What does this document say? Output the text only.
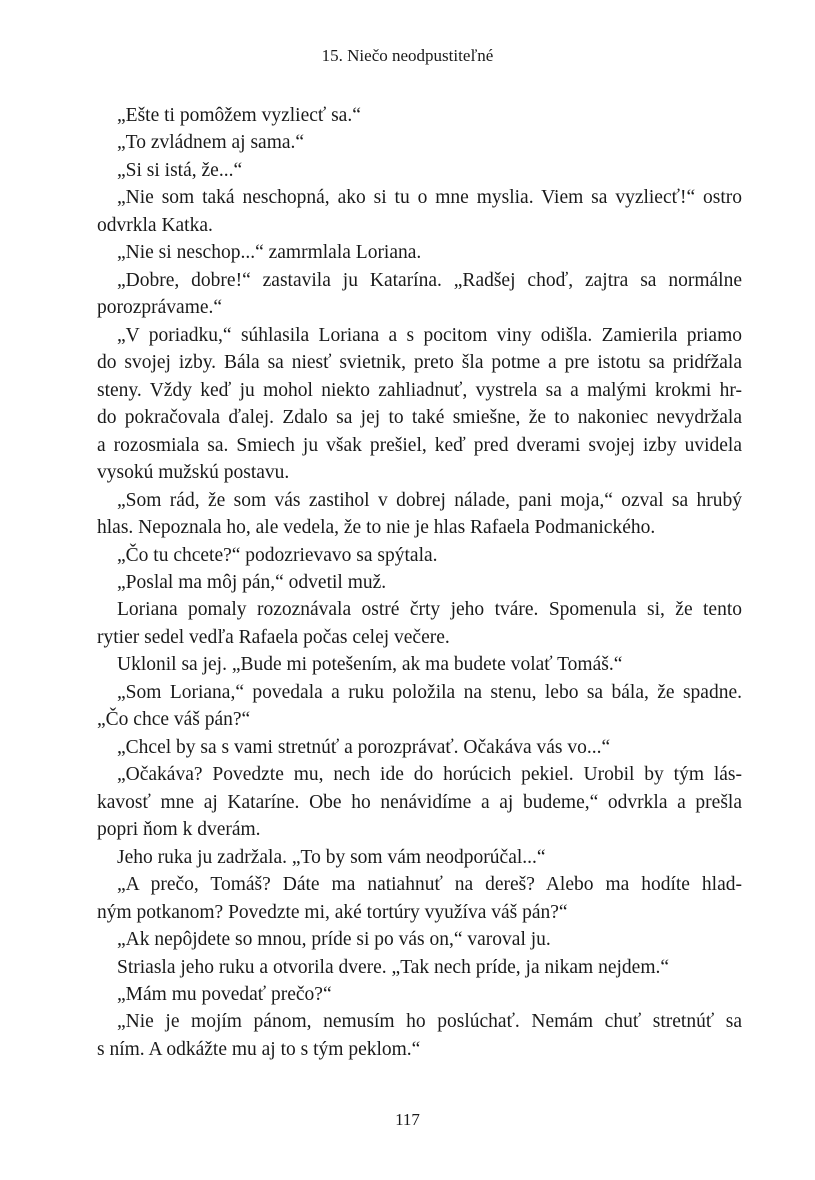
15. Niečo neodpustiteľné
„Ešte ti pomôžem vyzliecť sa.“
„To zvládnem aj sama.“
„Si si istá, že...“
„Nie som taká neschopná, ako si tu o mne myslia. Viem sa vyzliecť!“ ostro
odvrkla Katka.
„Nie si neschop...“ zamrmlala Loriana.
„Dobre, dobre!“ zastavila ju Katarína. „Radšej choď, zajtra sa normálne
porozprávame.“
„V poriadku,“ súhlasila Loriana a s pocitom viny odišla. Zamierila priamo
do svojej izby. Bála sa niesť svietnik, preto šla potme a pre istotu sa pridŕžala
steny. Vždy keď ju mohol niekto zahliadnuť, vystrela sa a malými krokmi hr-
do pokračovala ďalej. Zdalo sa jej to také smiešne, že to nakoniec nevydržala
a rozosmiala sa. Smiech ju však prešiel, keď pred dverami svojej izby uvidela
vysokú mužskú postavu.
„Som rád, že som vás zastihol v dobrej nálade, pani moja,“ ozval sa hrubý
hlas. Nepoznala ho, ale vedela, že to nie je hlas Rafaela Podmanického.
„Čo tu chcete?“ podozrievavo sa spýtala.
„Poslal ma môj pán,“ odvetil muž.
Loriana pomaly rozoznávala ostré črty jeho tváre. Spomenula si, že tento
rytier sedel vedľa Rafaela počas celej večere.
Uklonil sa jej. „Bude mi potešením, ak ma budete volať Tomáš.“
„Som Loriana,“ povedala a ruku položila na stenu, lebo sa bála, že spadne.
„Čo chce váš pán?“
„Chcel by sa s vami stretnúť a porozprávať. Očakáva vás vo...“
„Očakáva? Povedzte mu, nech ide do horúcich pekiel. Urobil by tým lás-
kavosť mne aj Kataríne. Obe ho nenávidíme a aj budeme,“ odvrkla a prešla
popri ňom k dverám.
Jeho ruka ju zadržala. „To by som vám neodporúčal...“
„A prečo, Tomáš? Dáte ma natiahnuť na dereš? Alebo ma hodíte hlad-
ným potkanom? Povedzte mi, aké tortúry využíva váš pán?“
„Ak nepôjdete so mnou, príde si po vás on,“ varoval ju.
Striasla jeho ruku a otvorila dvere. „Tak nech príde, ja nikam nejdem.“
„Mám mu povedať prečo?“
„Nie je mojím pánom, nemusím ho poslúchať. Nemám chuť stretnúť sa
s ním. A odkážte mu aj to s tým peklom.“
117
